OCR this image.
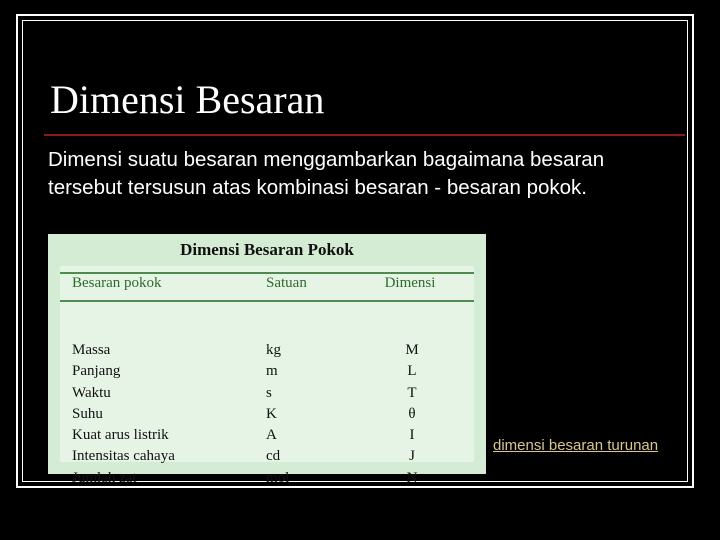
Dimensi Besaran

Dimensi suatu besaran menggambarkan bagaimana besaran tersebut tersusun atas kombinasi besaran - besaran pokok.

Dimensi Besaran Pokok
Besaran pokok	Satuan	Dimensi
Massa	kg	M
Panjang	m	L
Waktu	s	T
Suhu	K	θ
Kuat arus listrik	A	I
Intensitas cahaya	cd	J
Jumlah zat	mol	N
dimensi besaran turunan
